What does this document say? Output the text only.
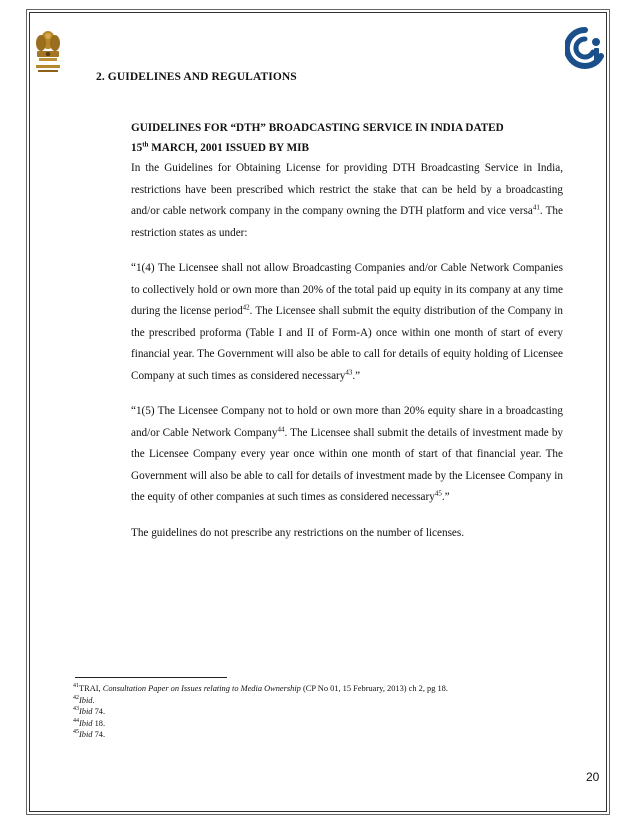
2. GUIDELINES AND REGULATIONS
GUIDELINES FOR “DTH” BROADCASTING SERVICE IN INDIA DATED
15th MARCH, 2001 ISSUED BY MIB

In the Guidelines for Obtaining License for providing DTH Broadcasting Service in India, restrictions have been prescribed which restrict the stake that can be held by a broadcasting and/or cable network company in the company owning the DTH platform and vice versa$^{41}$. The restriction states as under:

“1(4) The Licensee shall not allow Broadcasting Companies and/or Cable Network Companies to collectively hold or own more than 20% of the total paid up equity in its company at any time during the license period$^{42}$. The Licensee shall submit the equity distribution of the Company in the prescribed proforma (Table I and II of Form-A) once within one month of start of every financial year. The Government will also be able to call for details of equity holding of Licensee Company at such times as considered necessary$^{43}$.”

“1(5) The Licensee Company not to hold or own more than 20% equity share in a broadcasting and/or Cable Network Company$^{44}$. The Licensee shall submit the details of investment made by the Licensee Company every year once within one month of start of that financial year. The Government will also be able to call for details of investment made by the Licensee Company in the equity of other companies at such times as considered necessary$^{45}$.”

The guidelines do not prescribe any restrictions on the number of licenses.

$^{41}$TRAI, Consultation Paper on Issues relating to Media Ownership (CP No 01, 15 February, 2013) ch 2, pg 18.
$^{42}$Ibid.
$^{43}$Ibid 74.
$^{44}$Ibid 18.
$^{45}$Ibid 74.
20
